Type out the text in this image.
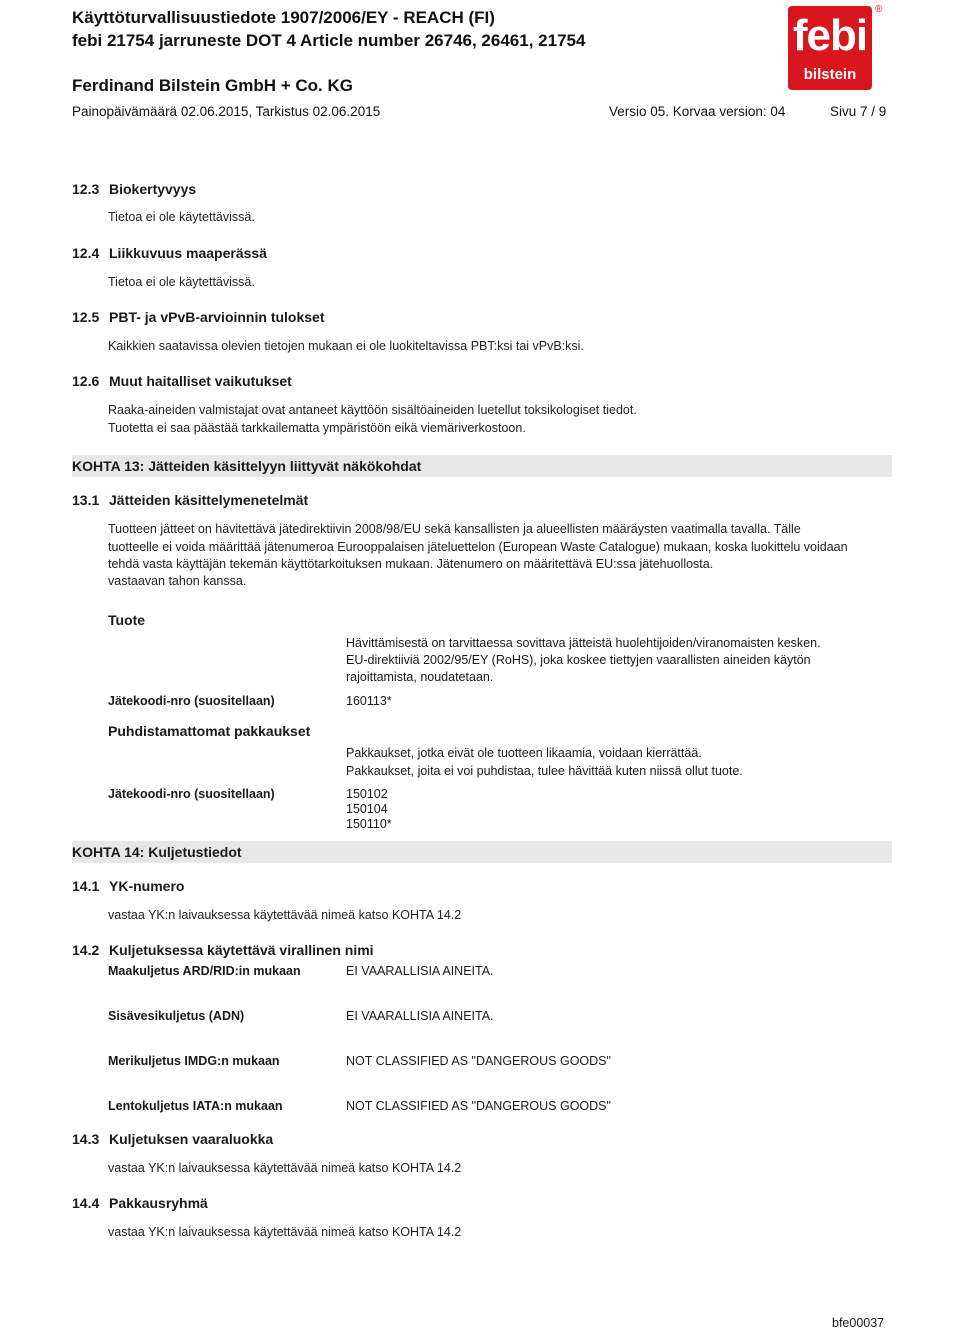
Käyttöturvallisuustiedote 1907/2006/EY - REACH (FI)
febi 21754 jarruneste DOT 4 Article number 26746, 26461, 21754
Ferdinand Bilstein GmbH + Co. KG
Painopäivämäärä 02.06.2015, Tarkistus 02.06.2015	Versio 05. Korvaa version: 04	Sivu 7 / 9
febi
bilstein
®
12.3 Biokertyvyys
Tietoa ei ole käytettävissä.
12.4 Liikkuvuus maaperässä
Tietoa ei ole käytettävissä.
12.5 PBT- ja vPvB-arvioinnin tulokset
Kaikkien saatavissa olevien tietojen mukaan ei ole luokiteltavissa PBT:ksi tai vPvB:ksi.
12.6 Muut haitalliset vaikutukset
Raaka-aineiden valmistajat ovat antaneet käyttöön sisältöaineiden luetellut toksikologiset tiedot.
Tuotetta ei saa päästää tarkkailematta ympäristöön eikä viemäriverkostoon.
KOHTA 13: Jätteiden käsittelyyn liittyvät näkökohdat
13.1 Jätteiden käsittelymenetelmät
Tuotteen jätteet on hävitettävä jätedirektiivin 2008/98/EU sekä kansallisten ja alueellisten määräysten vaatimalla tavalla. Tälle
tuotteelle ei voida määrittää jätenumeroa Eurooppalaisen jäteluettelon (European Waste Catalogue) mukaan, koska luokittelu voidaan
tehdä vasta käyttäjän tekemän käyttötarkoituksen mukaan. Jätenumero on määritettävä EU:ssa jätehuollosta.
vastaavan tahon kanssa.
Tuote
Hävittämisestä on tarvittaessa sovittava jätteistä huolehtijoiden/viranomaisten kesken.
EU-direktiiviä 2002/95/EY (RoHS), joka koskee tiettyjen vaarallisten aineiden käytön
rajoittamista, noudatetaan.
Jätekoodi-nro (suositellaan)	160113*
Puhdistamattomat pakkaukset
Pakkaukset, jotka eivät ole tuotteen likaamia, voidaan kierrättää.
Pakkaukset, joita ei voi puhdistaa, tulee hävittää kuten niissä ollut tuote.
Jätekoodi-nro (suositellaan)	150102
150104
150110*
KOHTA 14: Kuljetustiedot
14.1 YK-numero
vastaa YK:n laivauksessa käytettävää nimeä katso KOHTA 14.2
14.2 Kuljetuksessa käytettävä virallinen nimi
Maakuljetus ARD/RID:in mukaan	EI VAARALLISIA AINEITA.
Sisävesikuljetus (ADN)	EI VAARALLISIA AINEITA.
Merikuljetus IMDG:n mukaan	NOT CLASSIFIED AS "DANGEROUS GOODS"
Lentokuljetus IATA:n mukaan	NOT CLASSIFIED AS "DANGEROUS GOODS"
14.3 Kuljetuksen vaaraluokka
vastaa YK:n laivauksessa käytettävää nimeä katso KOHTA 14.2
14.4 Pakkausryhmä
vastaa YK:n laivauksessa käytettävää nimeä katso KOHTA 14.2
bfe00037
